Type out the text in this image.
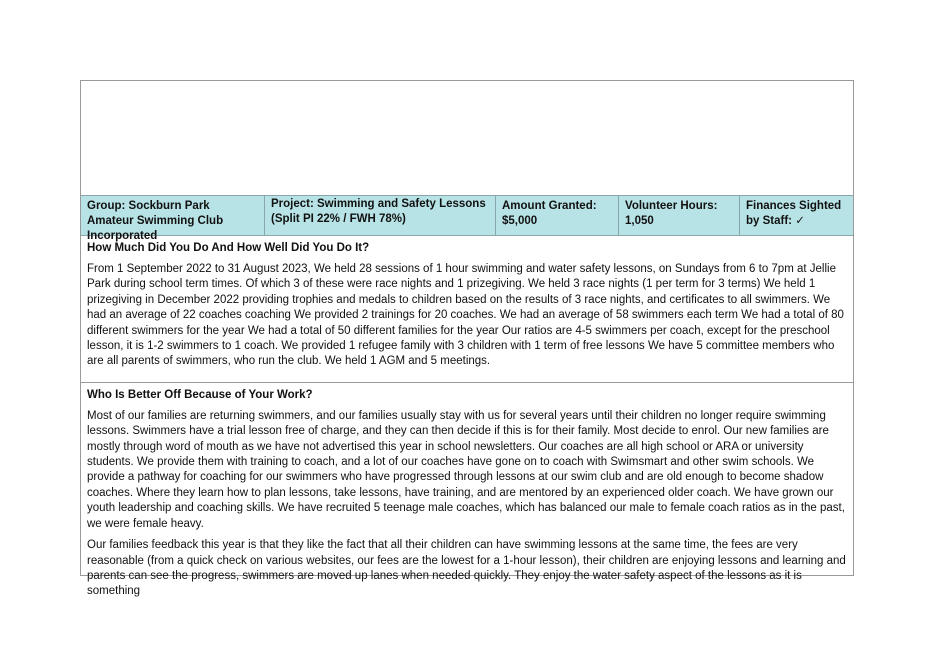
Group: Sockburn Park Amateur Swimming Club Incorporated
Project: Swimming and Safety Lessons (Split PI 22% / FWH 78%)
Amount Granted: $5,000
Volunteer Hours: 1,050
Finances Sighted by Staff: ✓
How Much Did You Do And How Well Did You Do It?

From 1 September 2022 to 31 August 2023, We held 28 sessions of 1 hour swimming and water safety lessons, on Sundays from 6 to 7pm at Jellie Park during school term times. Of which 3 of these were race nights and 1 prizegiving. We held 3 race nights (1 per term for 3 terms) We held 1 prizegiving in December 2022 providing trophies and medals to children based on the results of 3 race nights, and certificates to all swimmers. We had an average of 22 coaches coaching We provided 2 trainings for 20 coaches. We had an average of 58 swimmers each term We had a total of 80 different swimmers for the year We had a total of 50 different families for the year Our ratios are 4-5 swimmers per coach, except for the preschool lesson, it is 1-2 swimmers to 1 coach. We provided 1 refugee family with 3 children with 1 term of free lessons We have 5 committee members who are all parents of swimmers, who run the club. We held 1 AGM and 5 meetings.

Who Is Better Off Because of Your Work?

Most of our families are returning swimmers, and our families usually stay with us for several years until their children no longer require swimming lessons. Swimmers have a trial lesson free of charge, and they can then decide if this is for their family. Most decide to enrol. Our new families are mostly through word of mouth as we have not advertised this year in school newsletters. Our coaches are all high school or ARA or university students. We provide them with training to coach, and a lot of our coaches have gone on to coach with Swimsmart and other swim schools. We provide a pathway for coaching for our swimmers who have progressed through lessons at our swim club and are old enough to become shadow coaches. Where they learn how to plan lessons, take lessons, have training, and are mentored by an experienced older coach. We have grown our youth leadership and coaching skills. We have recruited 5 teenage male coaches, which has balanced our male to female coach ratios as in the past, we were female heavy.

Our families feedback this year is that they like the fact that all their children can have swimming lessons at the same time, the fees are very reasonable (from a quick check on various websites, our fees are the lowest for a 1-hour lesson), their children are enjoying lessons and learning and parents can see the progress, swimmers are moved up lanes when needed quickly. They enjoy the water safety aspect of the lessons as it is something
